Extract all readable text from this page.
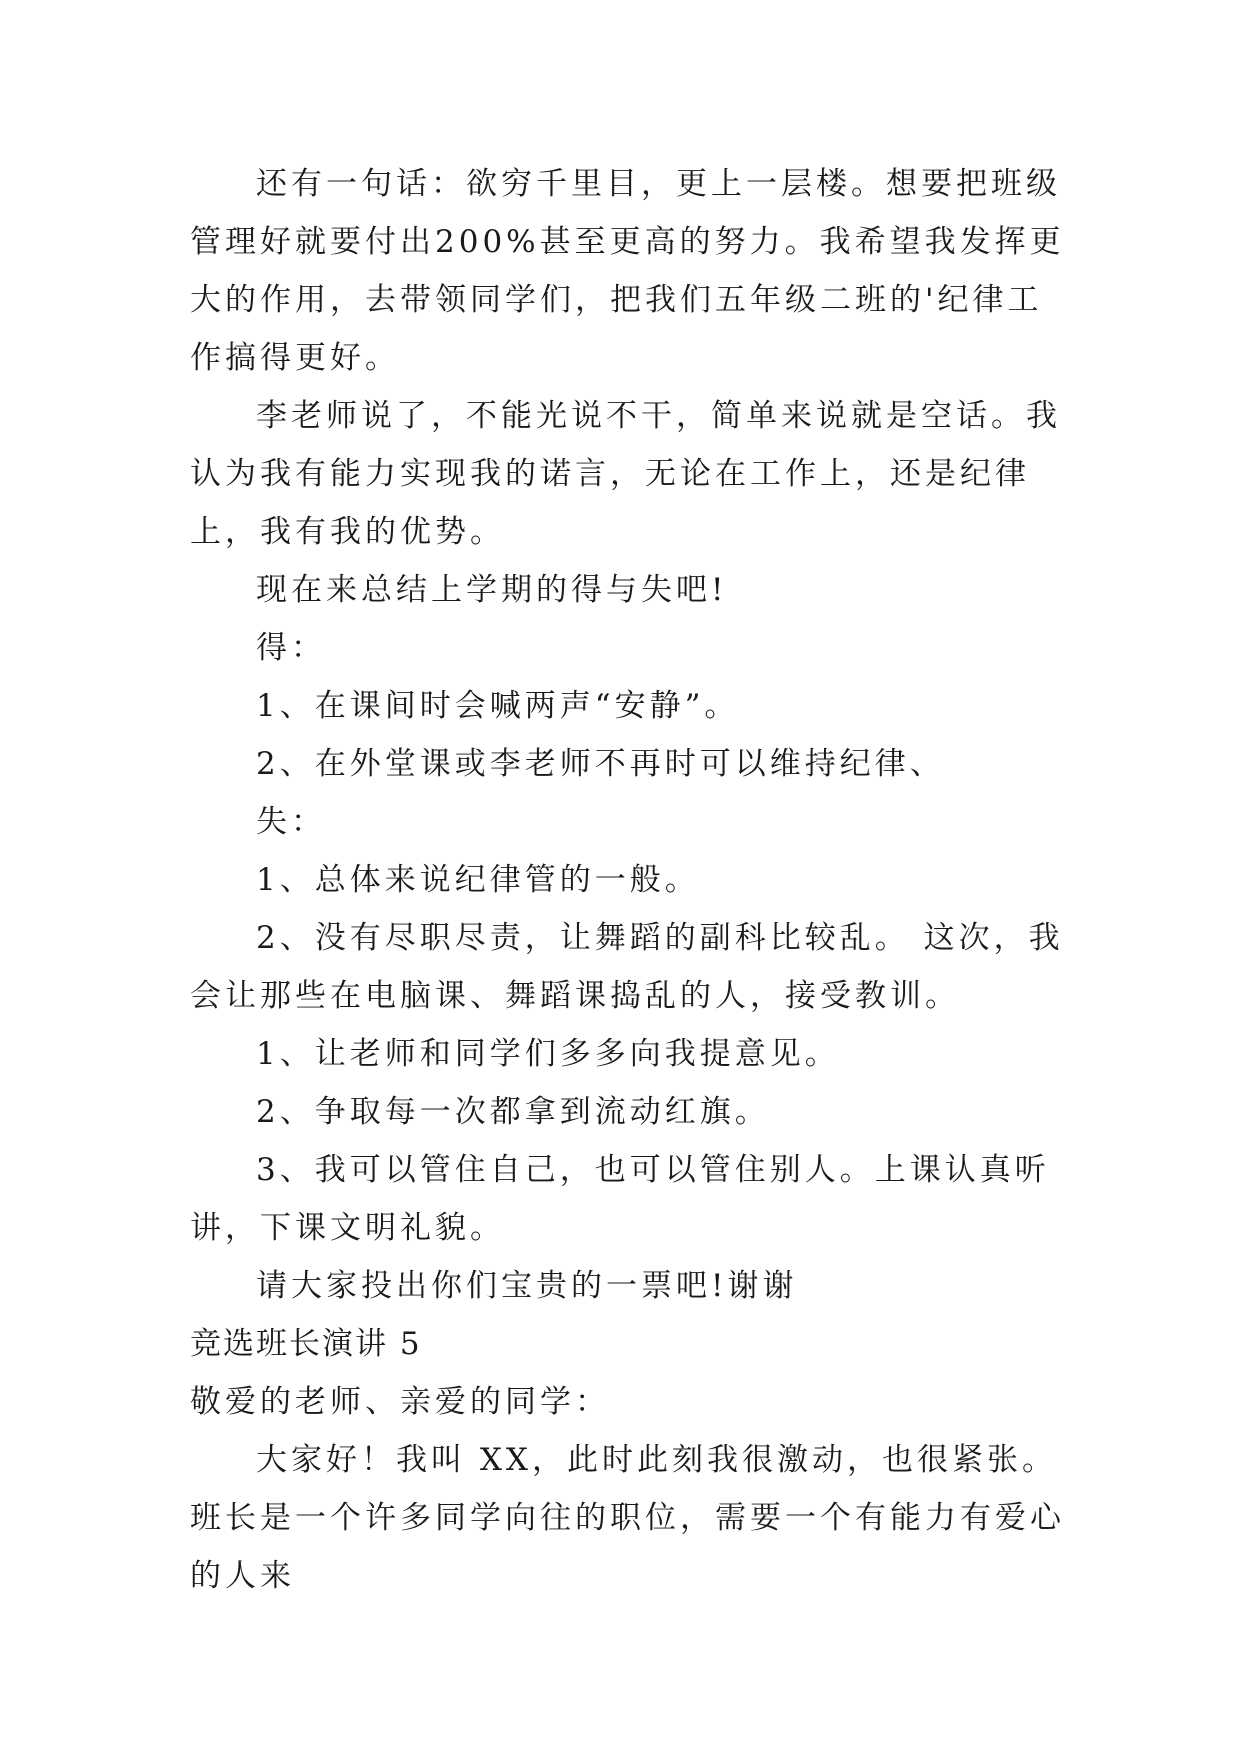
还有一句话：欲穷千里目，更上一层楼。想要把班级管理好就要付出200%甚至更高的努力。我希望我发挥更大的作用，去带领同学们，把我们五年级二班的'纪律工作搞得更好。

李老师说了，不能光说不干，简单来说就是空话。我认为我有能力实现我的诺言，无论在工作上，还是纪律上，我有我的优势。

现在来总结上学期的得与失吧!

得：

1、在课间时会喊两声“安静”。

2、在外堂课或李老师不再时可以维持纪律、

失：

1、总体来说纪律管的一般。

2、没有尽职尽责，让舞蹈的副科比较乱。 这次，我会让那些在电脑课、舞蹈课捣乱的人，接受教训。

1、让老师和同学们多多向我提意见。

2、争取每一次都拿到流动红旗。

3、我可以管住自己，也可以管住别人。上课认真听讲，下课文明礼貌。

请大家投出你们宝贵的一票吧!谢谢

竞选班长演讲 5

敬爱的老师、亲爱的同学：

大家好！我叫 XX，此时此刻我很激动，也很紧张。班长是一个许多同学向往的职位，需要一个有能力有爱心的人来
